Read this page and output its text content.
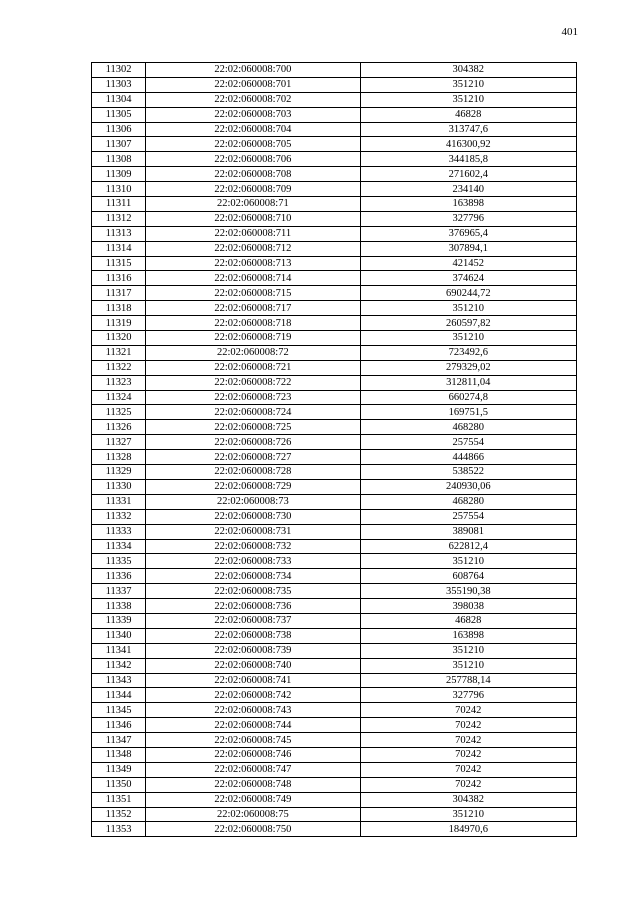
401
11302	22:02:060008:700	304382
11303	22:02:060008:701	351210
11304	22:02:060008:702	351210
11305	22:02:060008:703	46828
11306	22:02:060008:704	313747,6
11307	22:02:060008:705	416300,92
11308	22:02:060008:706	344185,8
11309	22:02:060008:708	271602,4
11310	22:02:060008:709	234140
11311	22:02:060008:71	163898
11312	22:02:060008:710	327796
11313	22:02:060008:711	376965,4
11314	22:02:060008:712	307894,1
11315	22:02:060008:713	421452
11316	22:02:060008:714	374624
11317	22:02:060008:715	690244,72
11318	22:02:060008:717	351210
11319	22:02:060008:718	260597,82
11320	22:02:060008:719	351210
11321	22:02:060008:72	723492,6
11322	22:02:060008:721	279329,02
11323	22:02:060008:722	312811,04
11324	22:02:060008:723	660274,8
11325	22:02:060008:724	169751,5
11326	22:02:060008:725	468280
11327	22:02:060008:726	257554
11328	22:02:060008:727	444866
11329	22:02:060008:728	538522
11330	22:02:060008:729	240930,06
11331	22:02:060008:73	468280
11332	22:02:060008:730	257554
11333	22:02:060008:731	389081
11334	22:02:060008:732	622812,4
11335	22:02:060008:733	351210
11336	22:02:060008:734	608764
11337	22:02:060008:735	355190,38
11338	22:02:060008:736	398038
11339	22:02:060008:737	46828
11340	22:02:060008:738	163898
11341	22:02:060008:739	351210
11342	22:02:060008:740	351210
11343	22:02:060008:741	257788,14
11344	22:02:060008:742	327796
11345	22:02:060008:743	70242
11346	22:02:060008:744	70242
11347	22:02:060008:745	70242
11348	22:02:060008:746	70242
11349	22:02:060008:747	70242
11350	22:02:060008:748	70242
11351	22:02:060008:749	304382
11352	22:02:060008:75	351210
11353	22:02:060008:750	184970,6
